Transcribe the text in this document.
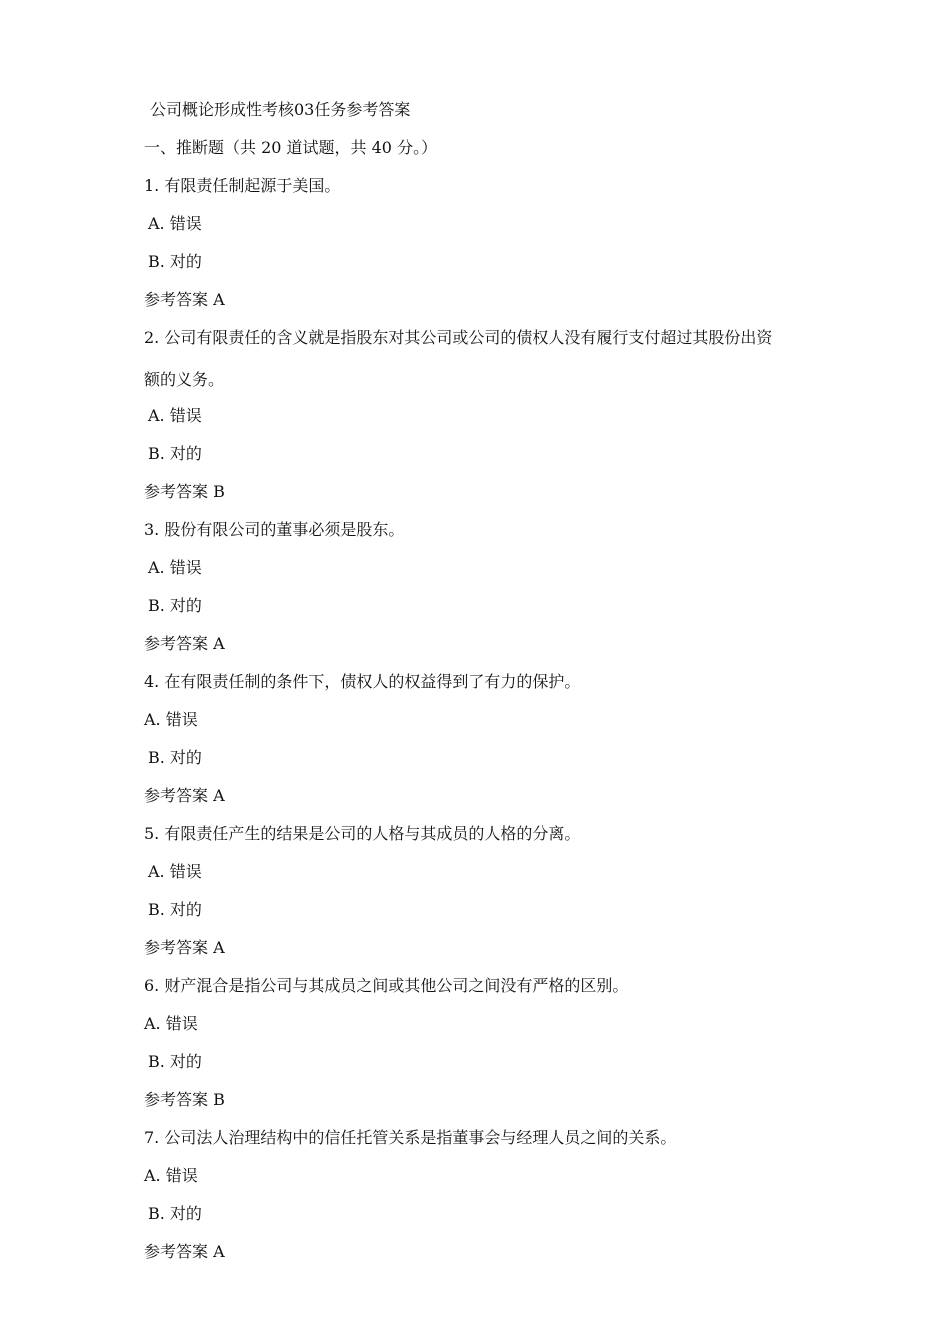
公司概论形成性考核03任务参考答案
一、推断题（共 20 道试题，共 40 分。）
1. 有限责任制起源于美国。
A. 错误
B. 对的
参考答案 A
2. 公司有限责任的含义就是指股东对其公司或公司的债权人没有履行支付超过其股份出资
额的义务。
A. 错误
B. 对的
参考答案 B
3. 股份有限公司的董事必须是股东。
A. 错误
B. 对的
参考答案 A
4. 在有限责任制的条件下，债权人的权益得到了有力的保护。
A. 错误
B. 对的
参考答案 A
5. 有限责任产生的结果是公司的人格与其成员的人格的分离。
A. 错误
B. 对的
参考答案 A
6. 财产混合是指公司与其成员之间或其他公司之间没有严格的区别。
A. 错误
B. 对的
参考答案 B
7. 公司法人治理结构中的信任托管关系是指董事会与经理人员之间的关系。
A. 错误
B. 对的
参考答案 A
